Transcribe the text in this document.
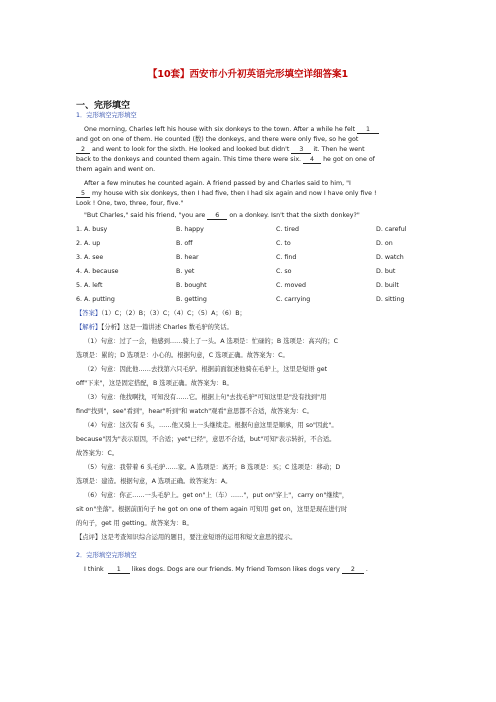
【10套】西安市小升初英语完形填空详细答案1
一、完形填空
1．完形填空完形填空
One morning, Charles left his house with six donkeys to the town. After a while he felt 1
and got on one of them. He counted (数) the donkeys, and there were only five, so he got
2 and went to look for the sixth. He looked and looked but didn't 3 it. Then he went
back to the donkeys and counted them again. This time there were six. 4 he got on one of
them again and went on.
After a few minutes he counted again. A friend passed by and Charles said to him, "I
5 my house with six donkeys, then I had five, then I had six again and now I have only five !
Look ! One, two, three, four, five."
"But Charles," said his friend, "you are 6 on a donkey. Isn't that the sixth donkey?"
1. A. busy	B. happy	C. tired	D. careful
2. A. up	B. off	C. to	D. on
3. A. see	B. hear	C. find	D. watch
4. A. because	B. yet	C. so	D. but
5. A. left	B. bought	C. moved	D. built
6. A. putting	B. getting	C. carrying	D. sitting
【答案】（1）C；（2）B；（3）C；（4）C；（5）A；（6）B；
【解析】【分析】这是一篇讲述 Charles 数毛驴的笑话。
（1）句意：过了一会，他感到……骑上了一头。A 选项是：忙碌的；B 选项是：高兴的；C
选项是：累的；D 选项是：小心的。根据句意，C 选项正确。故答案为：C。
（2）句意：因此他……去找第六只毛驴。根据前面叙述他骑在毛驴上，这里是短语 get
off"下来"，这是固定搭配，B 选项正确。故答案为：B。
（3）句意：他找啊找，可知没有……它。根据上句"去找毛驴"可知这里是"没有找到"用
find"找到"，see"看到"，hear"听到"和 watch"观看"意思都不合适，故答案为：C。
（4）句意：这次有 6 头，……他又骑上一头继续走。根据句意这里是顺承，用 so"因此"。
because"因为"表示原因，不合适；yet"已经"，意思不合适，but"可知"表示转折，不合适。
故答案为：C。
（5）句意：我带着 6 头毛驴……家。A 选项是：离开；B 选项是：买；C 选项是：移动；D
选项是：建造。根据句意，A 选项正确。故答案为：A。
（6）句意：你正……一头毛驴上。get on"上（车）……"，put on"穿上"，carry on"继续"，
sit on"坐落"。根据前面句子 he got on one of them again 可知用 get on，这里是现在进行时
的句子，get 用 getting。故答案为：B。
【点评】这是考查知识综合运用的题目，要注意短语的运用和短文意思的提示。
2．完形填空完形填空
I think 1 likes dogs. Dogs are our friends. My friend Tomson likes dogs very 2 .
